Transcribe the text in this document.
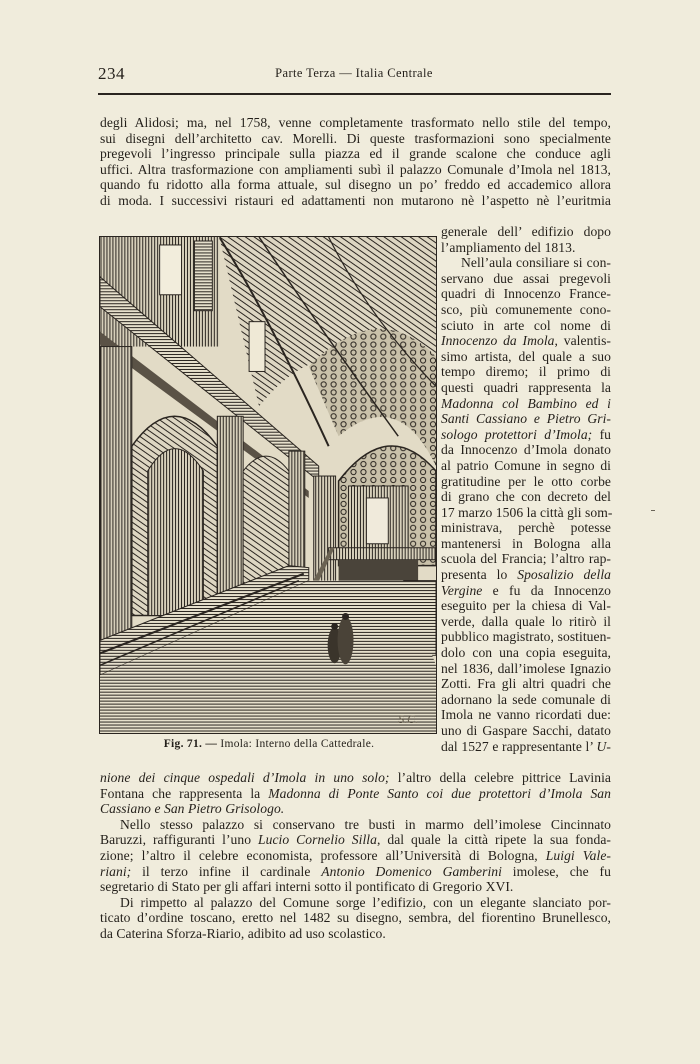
234	Parte Terza — Italia Centrale
degli Alidosi; ma, nel 1758, venne completamente trasformato nello stile del tempo,
sui disegni dell’architetto cav. Morelli. Di queste trasformazioni sono specialmente
pregevoli l’ingresso principale sulla piazza ed il grande scalone che conduce agli
uffici. Altra trasformazione con ampliamenti subì il palazzo Comunale d’Imola nel 1813,
quando fu ridotto alla forma attuale, sul disegno un po’ freddo ed accademico allora
di moda. I successivi ristauri ed adattamenti non mutarono nè l’aspetto nè l’euritmia
S.C.
Fig. 71. — Imola: Interno della Cattedrale.
generale dell’ edifizio dopo
l’ampliamento del 1813.
Nell’aula consiliare si con-
servano due assai pregevoli
quadri di Innocenzo France-
sco, più comunemente cono-
sciuto in arte col nome di
Innocenzo da Imola, valentis-
simo artista, del quale a suo
tempo diremo; il primo di
questi quadri rappresenta la
Madonna col Bambino ed i
Santi Cassiano e Pietro Gri-
sologo protettori d’Imola; fu
da Innocenzo d’Imola donato
al patrio Comune in segno di
gratitudine per le otto corbe
di grano che con decreto del
17 marzo 1506 la città gli som-
ministrava, perchè potesse
mantenersi in Bologna alla
scuola del Francia; l’altro rap-
presenta lo Sposalizio della
Vergine e fu da Innocenzo
eseguito per la chiesa di Val-
verde, dalla quale lo ritirò il
pubblico magistrato, sostituen-
dolo con una copia eseguita,
nel 1836, dall’imolese Ignazio
Zotti. Fra gli altri quadri che
adornano la sede comunale di
Imola ne vanno ricordati due:
uno di Gaspare Sacchi, datato
dal 1527 e rappresentante l’ U-
nione dei cinque ospedali d’Imola in uno solo; l’altro della celebre pittrice Lavinia
Fontana che rappresenta la Madonna di Ponte Santo coi due protettori d’Imola San
Cassiano e San Pietro Grisologo.
Nello stesso palazzo si conservano tre busti in marmo dell’imolese Cincinnato
Baruzzi, raffiguranti l’uno Lucio Cornelio Silla, dal quale la città ripete la sua fonda-
zione; l’altro il celebre economista, professore all’Università di Bologna, Luigi Vale-
riani; il terzo infine il cardinale Antonio Domenico Gamberini imolese, che fu
segretario di Stato per gli affari interni sotto il pontificato di Gregorio XVI.
Di rimpetto al palazzo del Comune sorge l’edifizio, con un elegante slanciato por-
ticato d’ordine toscano, eretto nel 1482 su disegno, sembra, del fiorentino Brunellesco,
da Caterina Sforza-Riario, adibito ad uso scolastico.
